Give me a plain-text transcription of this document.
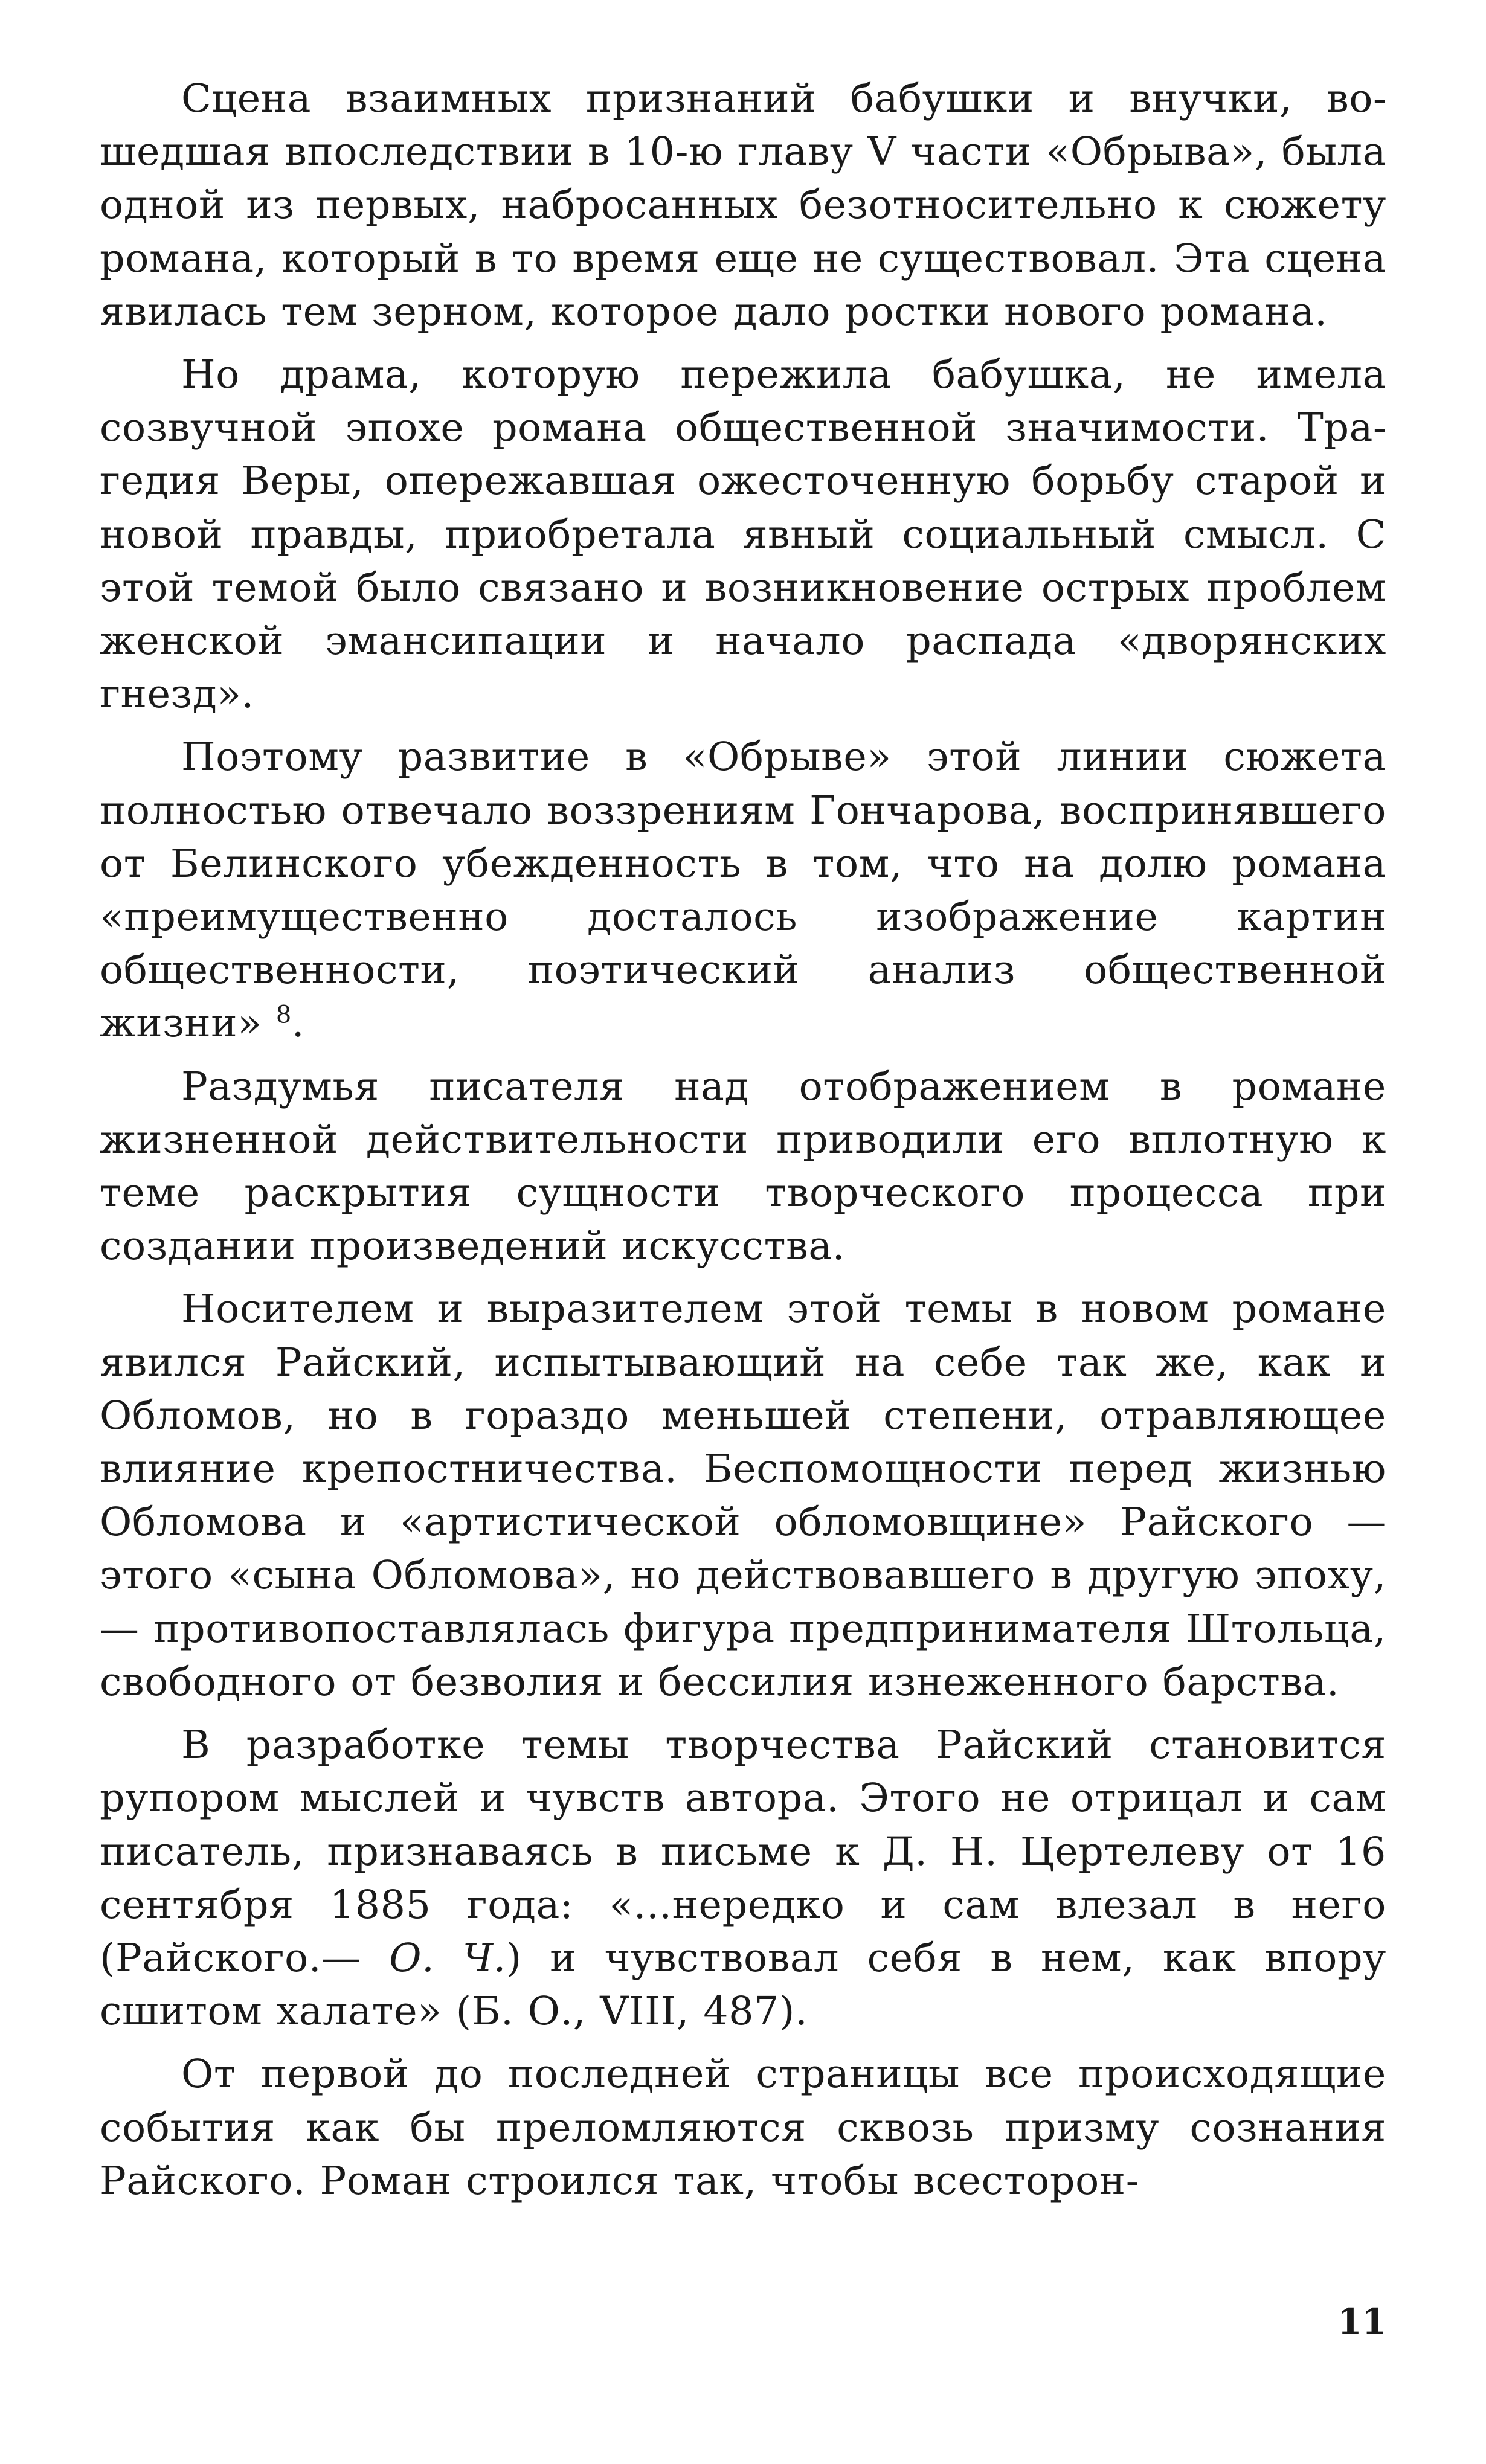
Сцена взаимных признаний бабушки и внучки, вошедшая впоследствии в 10-ю главу V части «Обрыва», была одной из первых, набросанных безотносительно к сюжету романа, который в то время еще не существовал. Эта сцена явилась тем зерном, которое дало ростки нового романа.

Но драма, которую пережила бабушка, не имела созвучной эпохе романа общественной значимости. Трагедия Веры, опережавшая ожесточенную борьбу старой и новой правды, приобретала явный социальный смысл. С этой темой было связано и возникновение острых проблем женской эмансипации и начало распада «дворянских гнезд».

Поэтому развитие в «Обрыве» этой линии сюжета полностью отвечало воззрениям Гончарова, воспринявшего от Белинского убежденность в том, что на долю романа «преимущественно досталось изображение картин общественности, поэтический анализ общественной жизни» $^8$.

Раздумья писателя над отображением в романе жизненной действительности приводили его вплотную к теме раскрытия сущности творческого процесса при создании произведений искусства.

Носителем и выразителем этой темы в новом романе явился Райский, испытывающий на себе так же, как и Обломов, но в гораздо меньшей степени, отравляющее влияние крепостничества. Беспомощности перед жизнью Обломова и «артистической обломовщине» Райского — этого «сына Обломова», но действовавшего в другую эпоху,— противопоставлялась фигура предпринимателя Штольца, свободного от безволия и бессилия изнеженного барства.

В разработке темы творчества Райский становится рупором мыслей и чувств автора. Этого не отрицал и сам писатель, признаваясь в письме к Д. Н. Цертелеву от 16 сентября 1885 года: «...нередко и сам влезал в него (Райского.— О. Ч.) и чувствовал себя в нем, как впору сшитом халате» (Б. О., VIII, 487).

От первой до последней страницы все происходящие события как бы преломляются сквозь призму сознания Райского. Роман строился так, чтобы всесторон-

11
